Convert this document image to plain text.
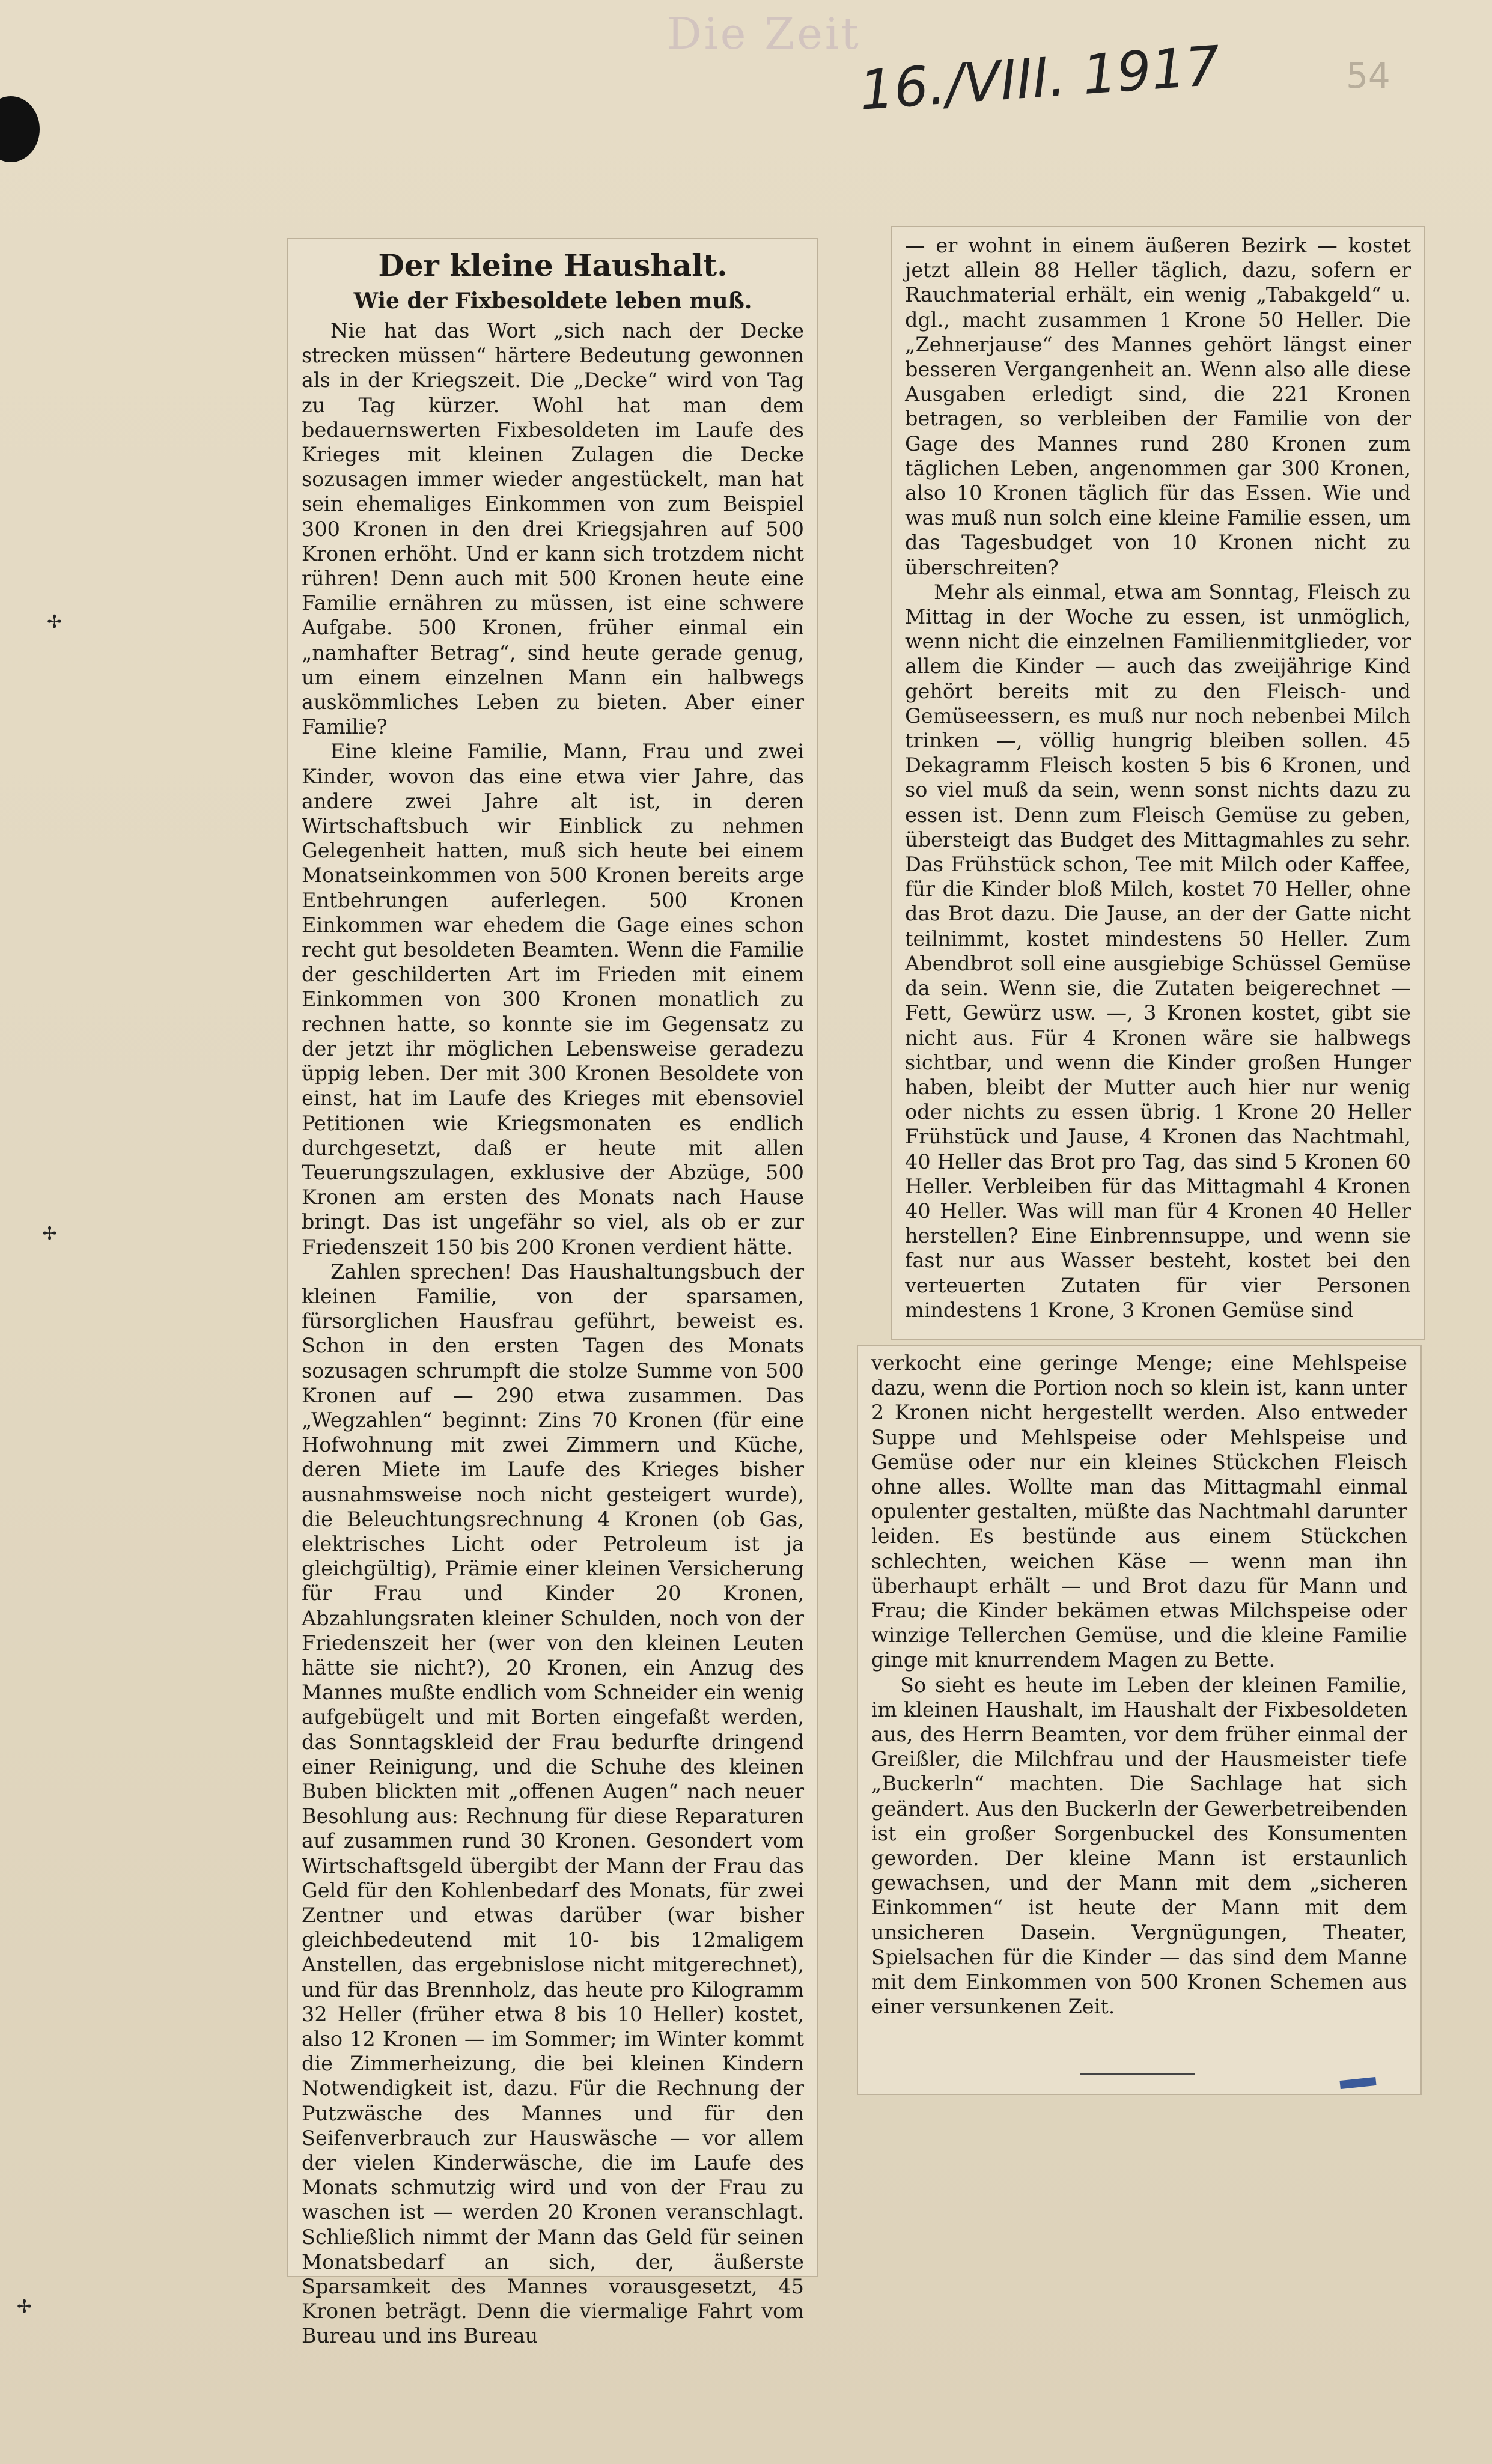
Die Zeit
16./VIII. 1917	54
✢
✢
✢
Der kleine Haushalt.
Wie der Fixbesoldete leben muß.

Nie hat das Wort „sich nach der Decke strecken müssen“ härtere Bedeutung gewonnen als in der Kriegszeit. Die „Decke“ wird von Tag zu Tag kürzer. Wohl hat man dem bedauernswerten Fixbesoldeten im Laufe des Krieges mit kleinen Zulagen die Decke sozusagen immer wieder angestückelt, man hat sein ehemaliges Einkommen von zum Beispiel 300 Kronen in den drei Kriegsjahren auf 500 Kronen erhöht. Und er kann sich trotzdem nicht rühren! Denn auch mit 500 Kronen heute eine Familie ernähren zu müssen, ist eine schwere Aufgabe. 500 Kronen, früher einmal ein „namhafter Betrag“, sind heute gerade genug, um einem einzelnen Mann ein halbwegs auskömmliches Leben zu bieten. Aber einer Familie?

Eine kleine Familie, Mann, Frau und zwei Kinder, wovon das eine etwa vier Jahre, das andere zwei Jahre alt ist, in deren Wirtschaftsbuch wir Einblick zu nehmen Gelegenheit hatten, muß sich heute bei einem Monatseinkommen von 500 Kronen bereits arge Entbehrungen auferlegen. 500 Kronen Einkommen war ehedem die Gage eines schon recht gut besoldeten Beamten. Wenn die Familie der geschilderten Art im Frieden mit einem Einkommen von 300 Kronen monatlich zu rechnen hatte, so konnte sie im Gegensatz zu der jetzt ihr möglichen Lebensweise geradezu üppig leben. Der mit 300 Kronen Besoldete von einst, hat im Laufe des Krieges mit ebensoviel Petitionen wie Kriegsmonaten es endlich durchgesetzt, daß er heute mit allen Teuerungszulagen, exklusive der Abzüge, 500 Kronen am ersten des Monats nach Hause bringt. Das ist ungefähr so viel, als ob er zur Friedenszeit 150 bis 200 Kronen verdient hätte.

Zahlen sprechen! Das Haushaltungsbuch der kleinen Familie, von der sparsamen, fürsorglichen Hausfrau geführt, beweist es. Schon in den ersten Tagen des Monats sozusagen schrumpft die stolze Summe von 500 Kronen auf — 290 etwa zusammen. Das „Wegzahlen“ beginnt: Zins 70 Kronen (für eine Hofwohnung mit zwei Zimmern und Küche, deren Miete im Laufe des Krieges bisher ausnahmsweise noch nicht gesteigert wurde), die Beleuchtungsrechnung 4 Kronen (ob Gas, elektrisches Licht oder Petroleum ist ja gleichgültig), Prämie einer kleinen Versicherung für Frau und Kinder 20 Kronen, Abzahlungsraten kleiner Schulden, noch von der Friedenszeit her (wer von den kleinen Leuten hätte sie nicht?), 20 Kronen, ein Anzug des Mannes mußte endlich vom Schneider ein wenig aufgebügelt und mit Borten eingefaßt werden, das Sonntagskleid der Frau bedurfte dringend einer Reinigung, und die Schuhe des kleinen Buben blickten mit „offenen Augen“ nach neuer Besohlung aus: Rechnung für diese Reparaturen auf zusammen rund 30 Kronen. Gesondert vom Wirtschaftsgeld übergibt der Mann der Frau das Geld für den Kohlenbedarf des Monats, für zwei Zentner und etwas darüber (war bisher gleichbedeutend mit 10- bis 12maligem Anstellen, das ergebnislose nicht mitgerechnet), und für das Brennholz, das heute pro Kilogramm 32 Heller (früher etwa 8 bis 10 Heller) kostet, also 12 Kronen — im Sommer; im Winter kommt die Zimmerheizung, die bei kleinen Kindern Notwendigkeit ist, dazu. Für die Rechnung der Putzwäsche des Mannes und für den Seifenverbrauch zur Hauswäsche — vor allem der vielen Kinderwäsche, die im Laufe des Monats schmutzig wird und von der Frau zu waschen ist — werden 20 Kronen veranschlagt. Schließlich nimmt der Mann das Geld für seinen Monatsbedarf an sich, der, äußerste Sparsamkeit des Mannes vorausgesetzt, 45 Kronen beträgt. Denn die viermalige Fahrt vom Bureau und ins Bureau

— er wohnt in einem äußeren Bezirk — kostet jetzt allein 88 Heller täglich, dazu, sofern er Rauchmaterial erhält, ein wenig „Tabakgeld“ u. dgl., macht zusammen 1 Krone 50 Heller. Die „Zehnerjause“ des Mannes gehört längst einer besseren Vergangenheit an. Wenn also alle diese Ausgaben erledigt sind, die 221 Kronen betragen, so verbleiben der Familie von der Gage des Mannes rund 280 Kronen zum täglichen Leben, angenommen gar 300 Kronen, also 10 Kronen täglich für das Essen. Wie und was muß nun solch eine kleine Familie essen, um das Tagesbudget von 10 Kronen nicht zu überschreiten?

Mehr als einmal, etwa am Sonntag, Fleisch zu Mittag in der Woche zu essen, ist unmöglich, wenn nicht die einzelnen Familienmitglieder, vor allem die Kinder — auch das zweijährige Kind gehört bereits mit zu den Fleisch- und Gemüseessern, es muß nur noch nebenbei Milch trinken —, völlig hungrig bleiben sollen. 45 Dekagramm Fleisch kosten 5 bis 6 Kronen, und so viel muß da sein, wenn sonst nichts dazu zu essen ist. Denn zum Fleisch Gemüse zu geben, übersteigt das Budget des Mittagmahles zu sehr. Das Frühstück schon, Tee mit Milch oder Kaffee, für die Kinder bloß Milch, kostet 70 Heller, ohne das Brot dazu. Die Jause, an der der Gatte nicht teilnimmt, kostet mindestens 50 Heller. Zum Abendbrot soll eine ausgiebige Schüssel Gemüse da sein. Wenn sie, die Zutaten beigerechnet — Fett, Gewürz usw. —, 3 Kronen kostet, gibt sie nicht aus. Für 4 Kronen wäre sie halbwegs sichtbar, und wenn die Kinder großen Hunger haben, bleibt der Mutter auch hier nur wenig oder nichts zu essen übrig. 1 Krone 20 Heller Frühstück und Jause, 4 Kronen das Nachtmahl, 40 Heller das Brot pro Tag, das sind 5 Kronen 60 Heller. Verbleiben für das Mittagmahl 4 Kronen 40 Heller. Was will man für 4 Kronen 40 Heller herstellen? Eine Einbrennsuppe, und wenn sie fast nur aus Wasser besteht, kostet bei den verteuerten Zutaten für vier Personen mindestens 1 Krone, 3 Kronen Gemüse sind

verkocht eine geringe Menge; eine Mehlspeise dazu, wenn die Portion noch so klein ist, kann unter 2 Kronen nicht hergestellt werden. Also entweder Suppe und Mehlspeise oder Mehlspeise und Gemüse oder nur ein kleines Stückchen Fleisch ohne alles. Wollte man das Mittagmahl einmal opulenter gestalten, müßte das Nachtmahl darunter leiden. Es bestünde aus einem Stückchen schlechten, weichen Käse — wenn man ihn überhaupt erhält — und Brot dazu für Mann und Frau; die Kinder bekämen etwas Milchspeise oder winzige Tellerchen Gemüse, und die kleine Familie ginge mit knurrendem Magen zu Bette.

So sieht es heute im Leben der kleinen Familie, im kleinen Haushalt, im Haushalt der Fixbesoldeten aus, des Herrn Beamten, vor dem früher einmal der Greißler, die Milchfrau und der Hausmeister tiefe „Buckerln“ machten. Die Sachlage hat sich geändert. Aus den Buckerln der Gewerbetreibenden ist ein großer Sorgenbuckel des Konsumenten geworden. Der kleine Mann ist erstaunlich gewachsen, und der Mann mit dem „sicheren Einkommen“ ist heute der Mann mit dem unsicheren Dasein. Vergnügungen, Theater, Spielsachen für die Kinder — das sind dem Manne mit dem Einkommen von 500 Kronen Schemen aus einer versunkenen Zeit.
